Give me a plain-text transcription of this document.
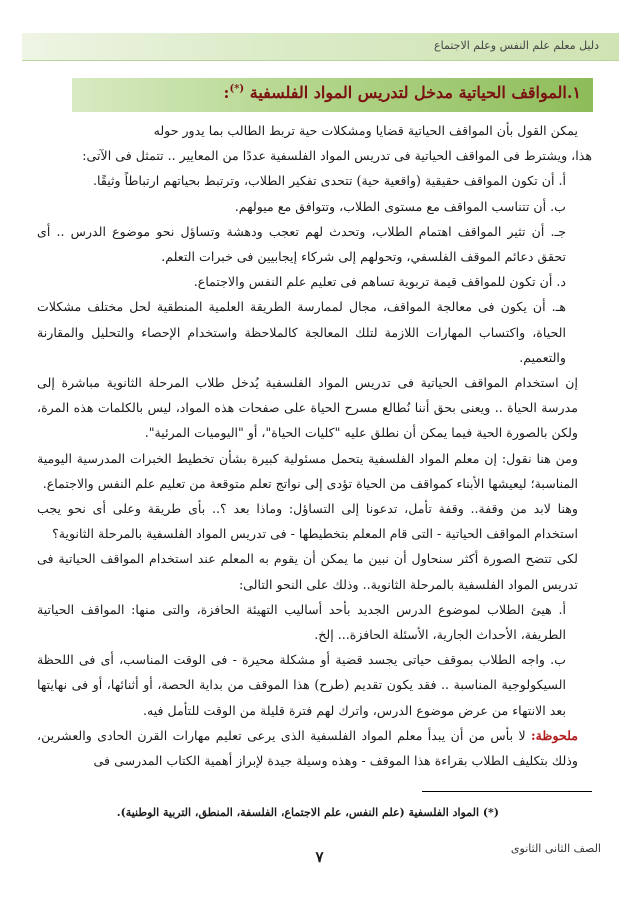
دليل معلم علم النفس وعلم الاجتماع
١.المواقف الحياتية مدخل لتدريس المواد الفلسفية (*):

يمكن القول بأن المواقف الحياتية قضايا ومشكلات حية تربط الطالب بما يدور حوله

هذا، ويشترط فى المواقف الحياتية فى تدريس المواد الفلسفية عددًا من المعايير .. تتمثل فى الآتى:

أ. أن تكون المواقف حقيقية (واقعية حية) تتحدى تفكير الطلاب، وترتبط بحياتهم ارتباطاً وثيقًا.

ب. أن تتناسب المواقف مع مستوى الطلاب، وتتوافق مع ميولهم.

جـ. أن تثير المواقف اهتمام الطلاب، وتحدث لهم تعجب ودهشة وتساؤل نحو موضوع الدرس .. أى تحقق دعائم الموقف الفلسفي، وتحولهم إلى شركاء إيجابيين فى خبرات التعلم.

د. أن تكون للمواقف قيمة تربوية تساهم فى تعليم علم النفس والاجتماع.

هـ. أن يكون فى معالجة المواقف، مجال لممارسة الطريقة العلمية المنطقية لحل مختلف مشكلات الحياة، واكتساب المهارات اللازمة لتلك المعالجة كالملاحظة واستخدام الإحصاء والتحليل والمقارنة والتعميم.

إن استخدام المواقف الحياتية فى تدريس المواد الفلسفية يُدخل طلاب المرحلة الثانوية مباشرة إلى مدرسة الحياة .. ويعنى بحق أننا نُطالع مسرح الحياة على صفحات هذه المواد، ليس بالكلمات هذه المرة، ولكن بالصورة الحية فيما يمكن أن نطلق عليه "كليات الحياة"، أو "اليوميات المرئية".

ومن هنا نقول: إن معلم المواد الفلسفية يتحمل مسئولية كبيرة بشأن تخطيط الخبرات المدرسية اليومية المناسبة؛ ليعيشها الأبناء كمواقف من الحياة تؤدى إلى نواتج تعلم متوقعة من تعليم علم النفس والاجتماع.

وهنا لابد من وقفة.. وقفة تأمل، تدعونا إلى التساؤل: وماذا بعد ؟.. بأى طريقة وعلى أى نحو يجب استخدام المواقف الحياتية - التى قام المعلم بتخطيطها - فى تدريس المواد الفلسفية بالمرحلة الثانوية؟

لكى تتضح الصورة أكثر سنحاول أن نبين ما يمكن أن يقوم به المعلم عند استخدام المواقف الحياتية فى تدريس المواد الفلسفية بالمرحلة الثانوية.. وذلك على النحو التالى:

أ. هيئ الطلاب لموضوع الدرس الجديد بأحد أساليب التهيئة الحافزة، والتى منها: المواقف الحياتية الطريفة، الأحداث الجارية، الأسئلة الحافزة... إلخ.

ب. واجه الطلاب بموقف حياتى يجسد قضية أو مشكلة محيرة - فى الوقت المناسب، أى فى اللحظة السيكولوجية المناسبة .. فقد يكون تقديم (طرح) هذا الموقف من بداية الحصة، أو أثنائها، أو فى نهايتها بعد الانتهاء من عرض موضوع الدرس، واترك لهم فترة قليلة من الوقت للتأمل فيه.

ملحوظة: لا بأس من أن يبدأ معلم المواد الفلسفية الذى يرعى تعليم مهارات القرن الحادى والعشرين، وذلك بتكليف الطلاب بقراءة هذا الموقف - وهذه وسيلة جيدة لإبراز أهمية الكتاب المدرسى فى

(*) المواد الفلسفية (علم النفس، علم الاجتماع، الفلسفة، المنطق، التربية الوطنية).
٧	الصف الثانى الثانوى
